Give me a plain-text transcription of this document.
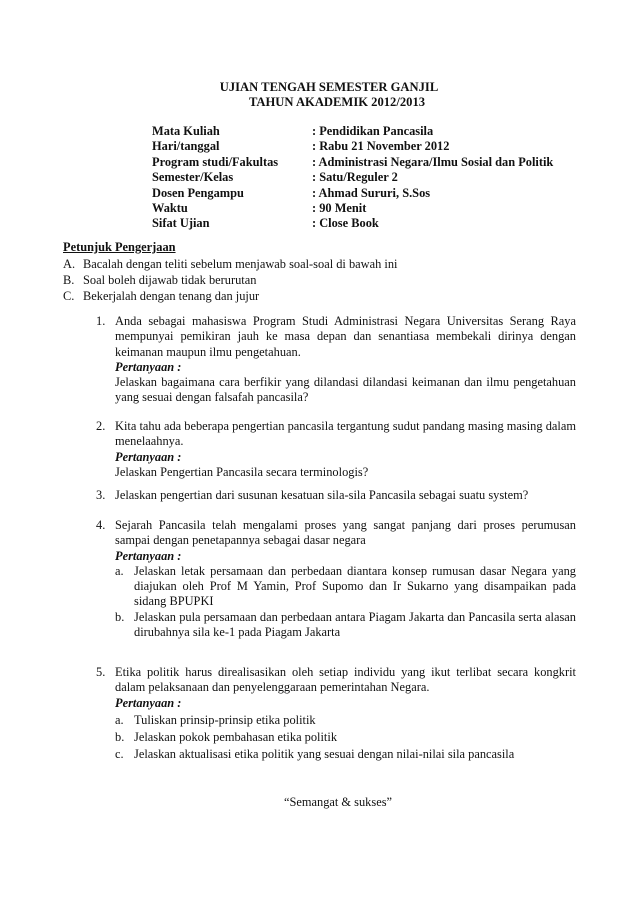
UJIAN TENGAH SEMESTER GANJIL
TAHUN AKADEMIK 2012/2013
Mata Kuliah	: Pendidikan Pancasila
Hari/tanggal	: Rabu 21 November 2012
Program studi/Fakultas	: Administrasi Negara/Ilmu Sosial dan Politik
Semester/Kelas	: Satu/Reguler 2
Dosen Pengampu	: Ahmad Sururi, S.Sos
Waktu	: 90 Menit
Sifat Ujian	: Close Book
Petunjuk Pengerjaan
A. Bacalah dengan teliti sebelum menjawab soal-soal di bawah ini
B. Soal boleh dijawab tidak berurutan
C. Bekerjalah dengan tenang dan jujur
1. Anda sebagai mahasiswa Program Studi Administrasi Negara Universitas Serang Raya mempunyai pemikiran jauh ke masa depan dan senantiasa membekali dirinya dengan keimanan maupun ilmu pengetahuan.
Pertanyaan :
Jelaskan bagaimana cara berfikir yang dilandasi dilandasi keimanan dan ilmu pengetahuan yang sesuai dengan falsafah pancasila?
2. Kita tahu ada beberapa pengertian pancasila tergantung sudut pandang masing masing dalam menelaahnya.
Pertanyaan :
Jelaskan Pengertian Pancasila secara terminologis?
3. Jelaskan pengertian dari susunan kesatuan sila-sila Pancasila sebagai suatu system?
4. Sejarah Pancasila telah mengalami proses yang sangat panjang dari proses perumusan sampai dengan penetapannya sebagai dasar negara
Pertanyaan :
a. Jelaskan letak persamaan dan perbedaan diantara konsep rumusan dasar Negara yang diajukan oleh Prof M Yamin, Prof Supomo dan Ir Sukarno yang disampaikan pada sidang BPUPKI
b. Jelaskan pula persamaan dan perbedaan antara Piagam Jakarta dan Pancasila serta alasan dirubahnya sila ke-1 pada Piagam Jakarta
5. Etika politik harus direalisasikan oleh setiap individu yang ikut terlibat secara kongkrit dalam pelaksanaan dan penyelenggaraan pemerintahan Negara.
Pertanyaan :
a. Tuliskan prinsip-prinsip etika politik
b. Jelaskan pokok pembahasan etika politik
c. Jelaskan aktualisasi etika politik yang sesuai dengan nilai-nilai sila pancasila
“Semangat & sukses”
